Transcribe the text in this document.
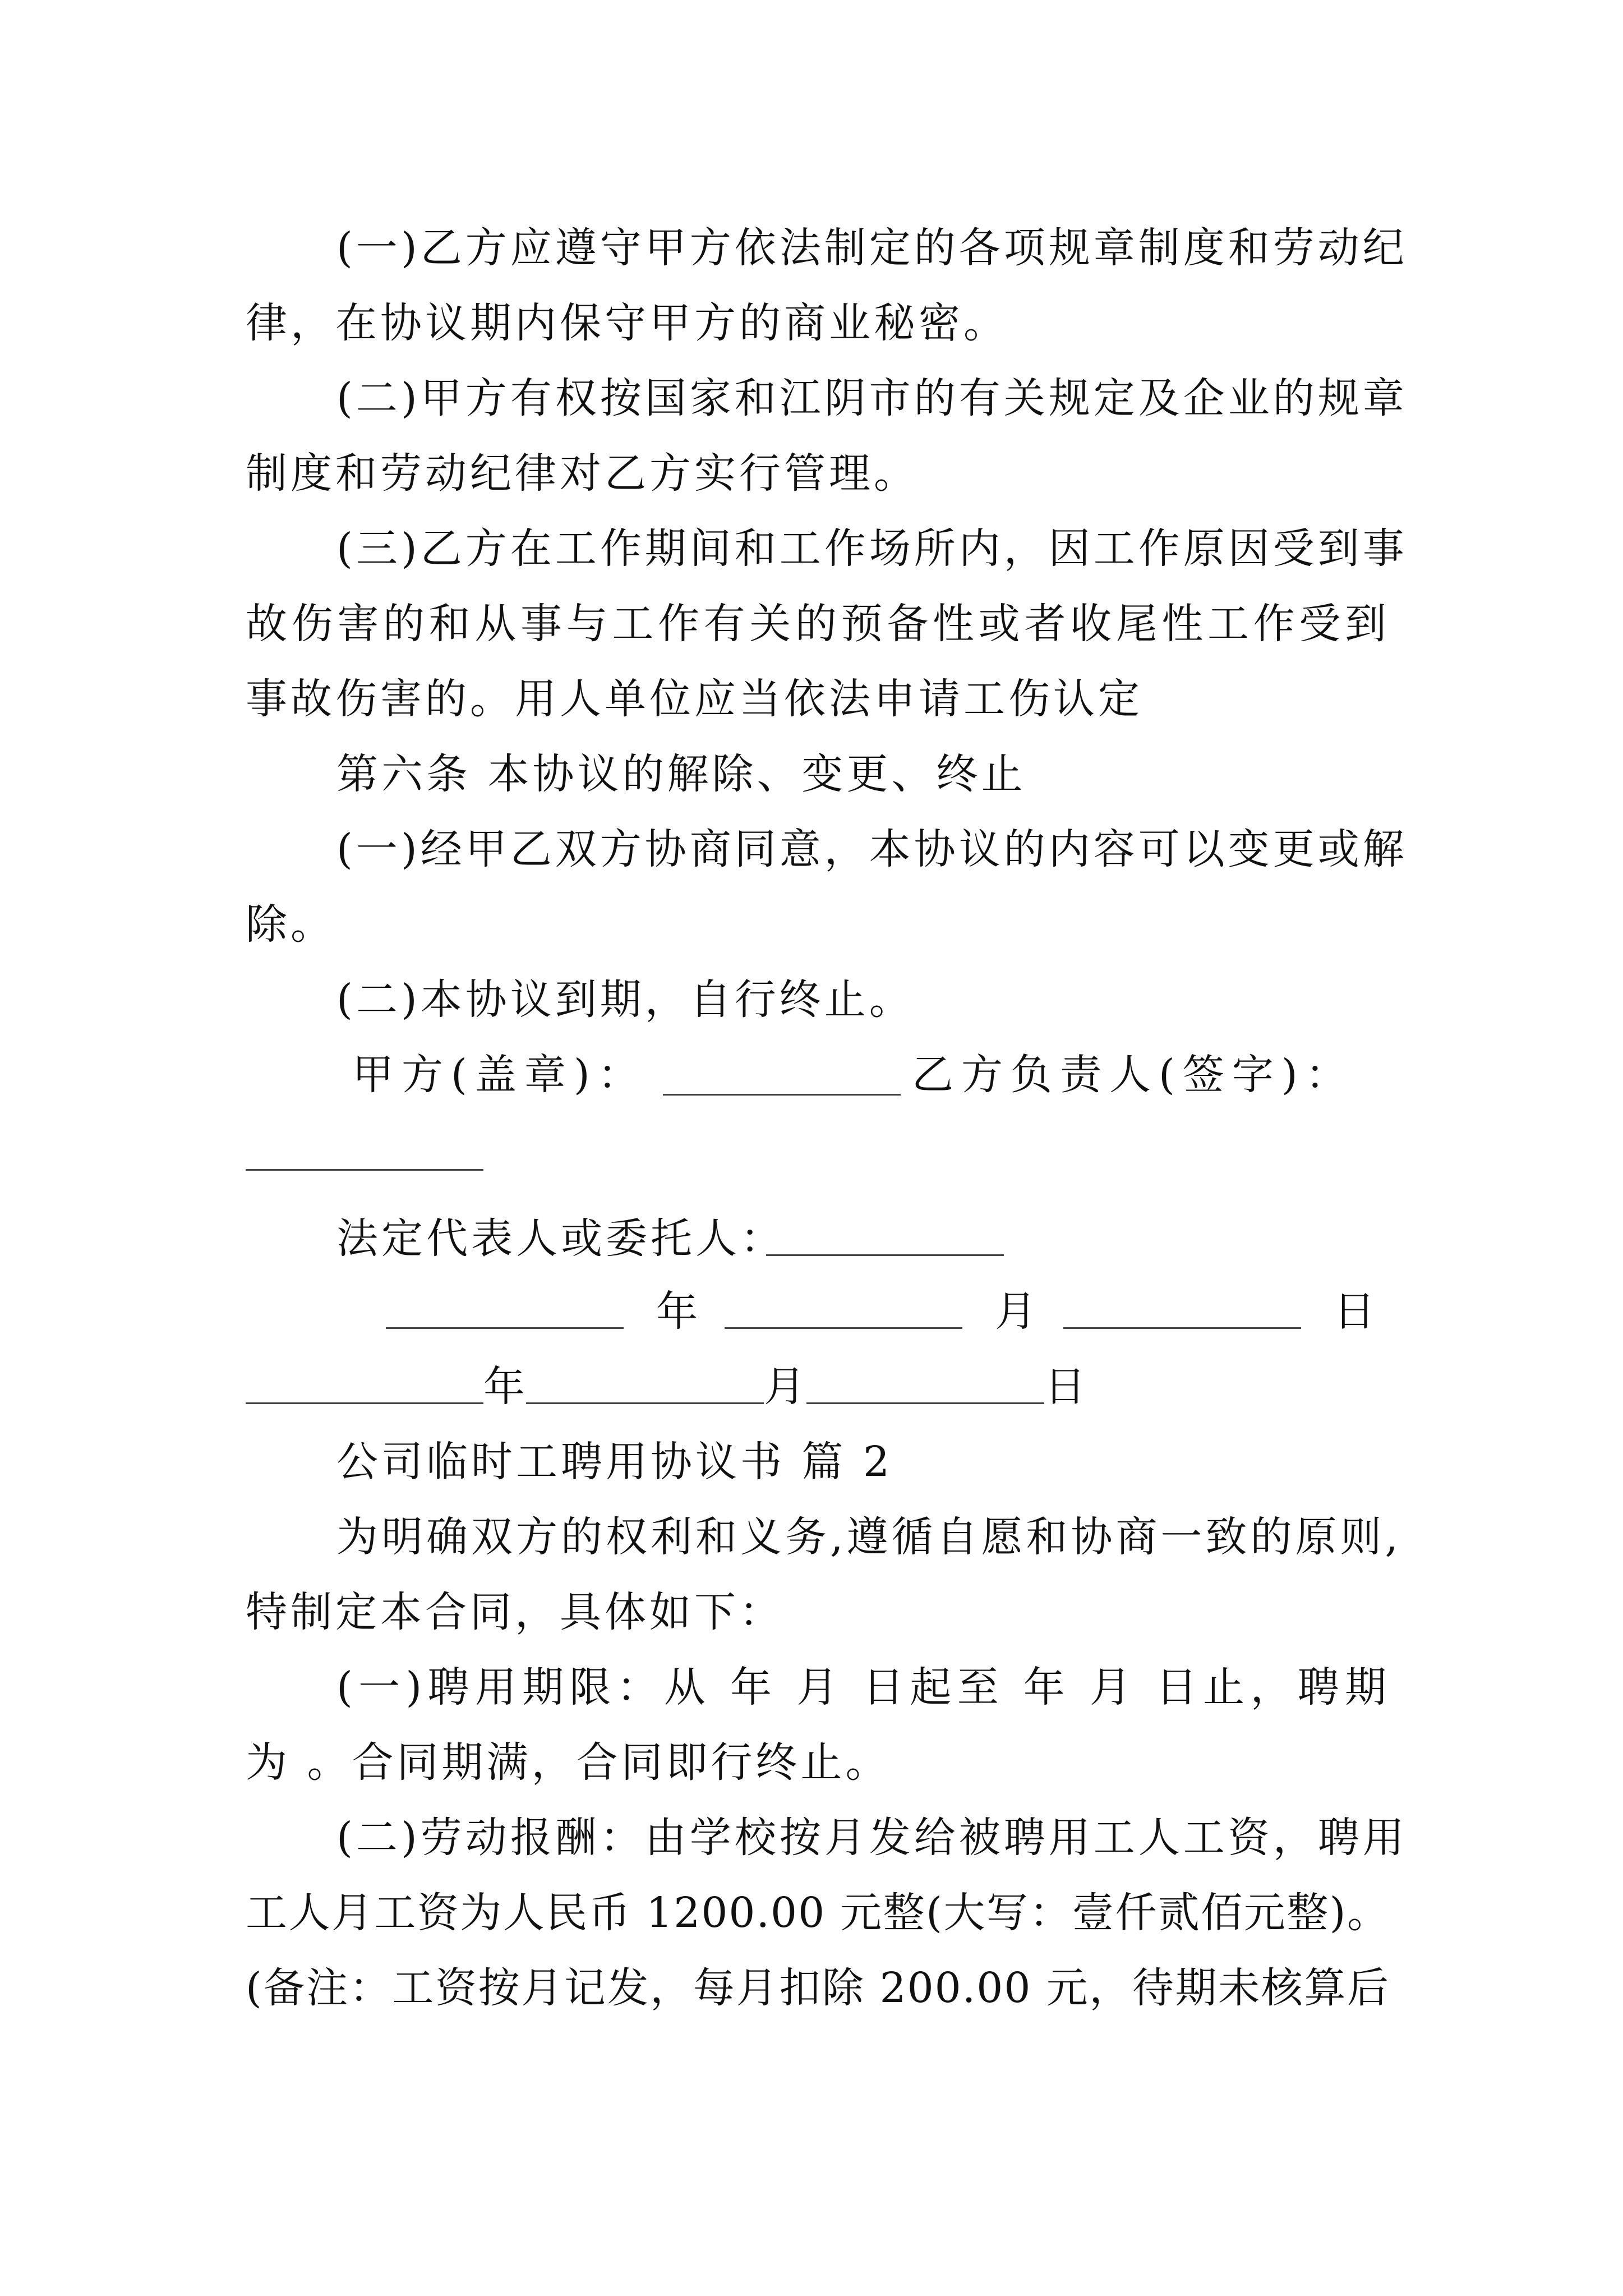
(一)乙方应遵守甲方依法制定的各项规章制度和劳动纪
律，在协议期内保守甲方的商业秘密。
(二)甲方有权按国家和江阴市的有关规定及企业的规章
制度和劳动纪律对乙方实行管理。
(三)乙方在工作期间和工作场所内，因工作原因受到事
故伤害的和从事与工作有关的预备性或者收尾性工作受到
事故伤害的。用人单位应当依法申请工伤认定
第六条 本协议的解除、变更、终止
(一)经甲乙双方协商同意，本协议的内容可以变更或解
除。
(二)本协议到期，自行终止。
甲方(盖章)：	乙方负责人(签字)：
法定代表人或委托人：
年	月	日
年	月	日
公司临时工聘用协议书 篇 2
为明确双方的权利和义务,遵循自愿和协商一致的原则,
特制定本合同，具体如下：
(一)聘用期限：从 年 月 日起至 年 月 日止，聘期
为 。合同期满，合同即行终止。
(二)劳动报酬：由学校按月发给被聘用工人工资，聘用
工人月工资为人民币 1200.00 元整(大写：壹仟贰佰元整)。
(备注：工资按月记发，每月扣除 200.00 元，待期未核算后
